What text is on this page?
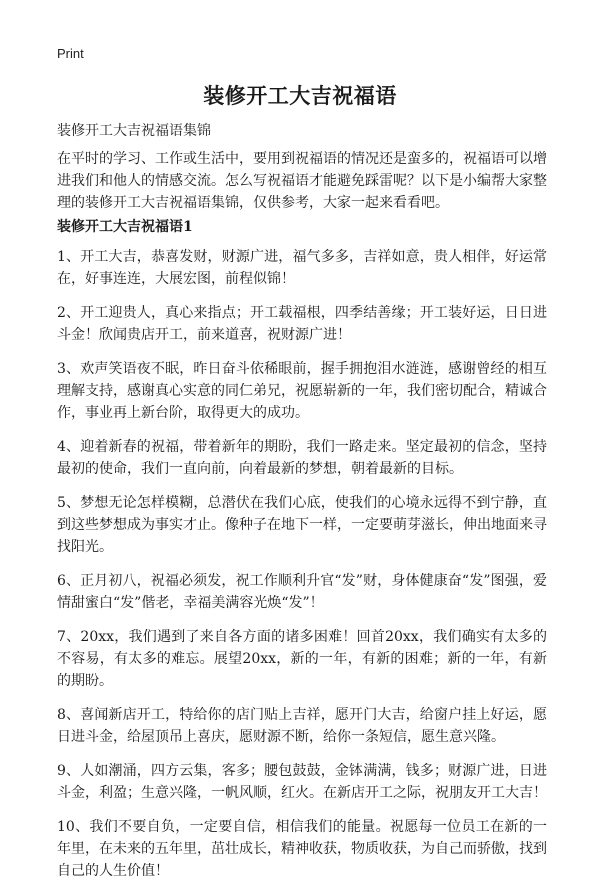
Print
装修开工大吉祝福语
装修开工大吉祝福语集锦

在平时的学习、工作或生活中，要用到祝福语的情况还是蛮多的，祝福语可以增进我们和他人的情感交流。怎么写祝福语才能避免踩雷呢？以下是小编帮大家整理的装修开工大吉祝福语集锦，仅供参考，大家一起来看看吧。

装修开工大吉祝福语1
1、开工大吉，恭喜发财，财源广进，福气多多，吉祥如意，贵人相伴，好运常在，好事连连，大展宏图，前程似锦！
2、开工迎贵人，真心来指点；开工载福根，四季结善缘；开工装好运，日日进斗金！欣闻贵店开工，前来道喜，祝财源广进！
3、欢声笑语夜不眠，昨日奋斗依稀眼前，握手拥抱泪水涟涟，感谢曾经的相互理解支持，感谢真心实意的同仁弟兄，祝愿崭新的一年，我们密切配合，精诚合作，事业再上新台阶，取得更大的成功。
4、迎着新春的祝福，带着新年的期盼，我们一路走来。坚定最初的信念，坚持最初的使命，我们一直向前，向着最新的梦想，朝着最新的目标。
5、梦想无论怎样模糊，总潜伏在我们心底，使我们的心境永远得不到宁静，直到这些梦想成为事实才止。像种子在地下一样，一定要萌芽滋长，伸出地面来寻找阳光。
6、正月初八，祝福必须发，祝工作顺利升官“发”财，身体健康奋“发”图强，爱情甜蜜白“发”偕老，幸福美满容光焕“发”！
7、20xx，我们遇到了来自各方面的诸多困难！回首20xx，我们确实有太多的不容易，有太多的难忘。展望20xx，新的一年，有新的困难；新的一年，有新的期盼。
8、喜闻新店开工，特给你的店门贴上吉祥，愿开门大吉，给窗户挂上好运，愿日进斗金，给屋顶吊上喜庆，愿财源不断，给你一条短信，愿生意兴隆。
9、人如潮涌，四方云集，客多；腰包鼓鼓，金钵满满，钱多；财源广进，日进斗金，利盈；生意兴隆，一帆风顺，红火。在新店开工之际，祝朋友开工大吉！
10、我们不要自负，一定要自信，相信我们的能量。祝愿每一位员工在新的一年里，在未来的五年里，茁壮成长，精神收获，物质收获，为自己而骄傲，找到自己的人生价值！
